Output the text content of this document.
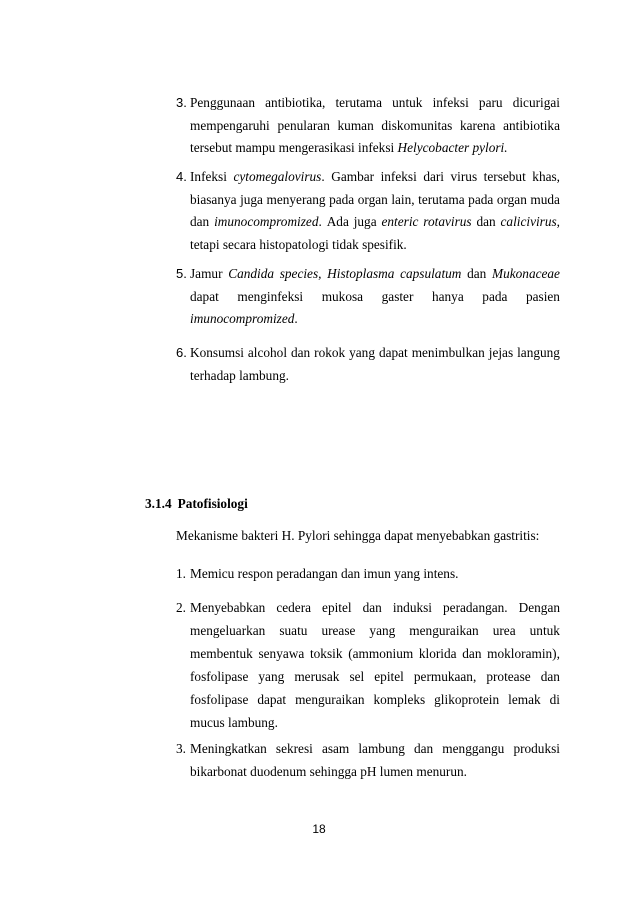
3. Penggunaan antibiotika, terutama untuk infeksi paru dicurigai
mempengaruhi penularan kuman diskomunitas karena antibiotika
tersebut mampu mengerasikasi infeksi Helycobacter pylori.
4. Infeksi cytomegalovirus. Gambar infeksi dari virus tersebut khas,
biasanya juga menyerang pada organ lain, terutama pada organ muda
dan imunocompromized. Ada juga enteric rotavirus dan calicivirus,
tetapi secara histopatologi tidak spesifik.
5. Jamur Candida species, Histoplasma capsulatum dan Mukonaceae
dapat menginfeksi mukosa gaster hanya pada pasien
imunocompromized.
6. Konsumsi alcohol dan rokok yang dapat menimbulkan jejas langung
terhadap lambung.
3.1.4 Patofisiologi
Mekanisme bakteri H. Pylori sehingga dapat menyebabkan gastritis:
1. Memicu respon peradangan dan imun yang intens.
2. Menyebabkan cedera epitel dan induksi peradangan. Dengan
mengeluarkan suatu urease yang menguraikan urea untuk
membentuk senyawa toksik (ammonium klorida dan mokloramin),
fosfolipase yang merusak sel epitel permukaan, protease dan
fosfolipase dapat menguraikan kompleks glikoprotein lemak di
mucus lambung.
3. Meningkatkan sekresi asam lambung dan menggangu produksi
bikarbonat duodenum sehingga pH lumen menurun.
18
